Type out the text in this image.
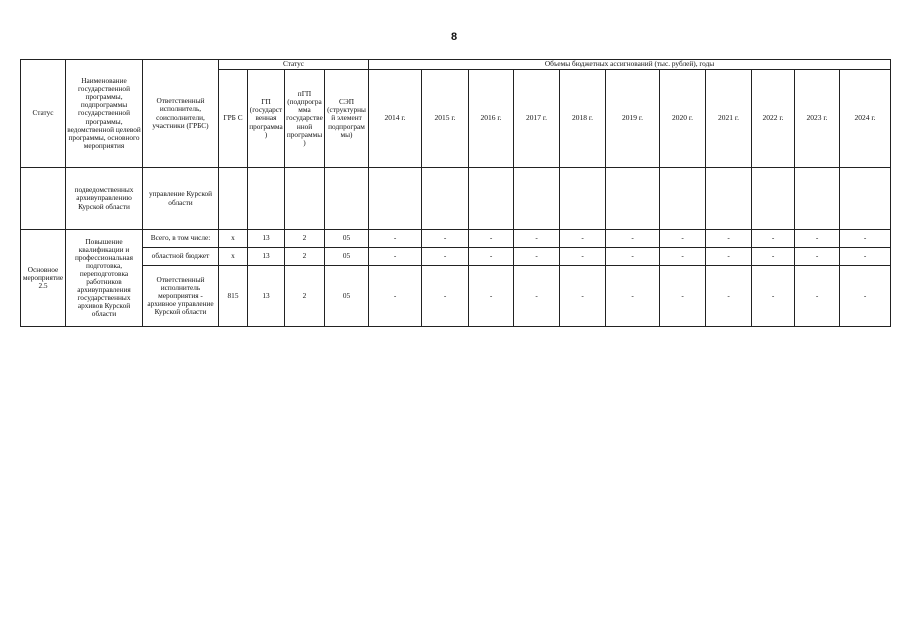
8
Статус	Наименование государственной программы, подпрограммы государственной программы, ведомственной целевой программы, основного мероприятия	Ответственный исполнитель, соисполнители, участники (ГРБС)	Статус				Объемы бюджетных ассигнований (тыс. рублей), годы										
			ГРБ С	ГП (государственная программа)	пГП (подпрограмма государственной программы)	СЭП (структурный элемент подпрограммы)	2014 г.	2015 г.	2016 г.	2017 г.	2018 г.	2019 г.	2020 г.	2021 г.	2022 г.	2023 г.	2024 г.
	подведомственных архивуправлению Курской области	управление Курской области															
Основное мероприятие 2.5	Повышение квалификации и профессиональная подготовка, переподготовка работников архивуправления государственных архивов Курской области	Всего, в том числе:	х	13	2	05	-	-	-	-	-	-	-	-	-	-	-
		областной бюджет	х	13	2	05	-	-	-	-	-	-	-	-	-	-	-
		Ответственный исполнитель мероприятия - архивное управление Курской области	815	13	2	05	-	-	-	-	-	-	-	-	-	-	-
